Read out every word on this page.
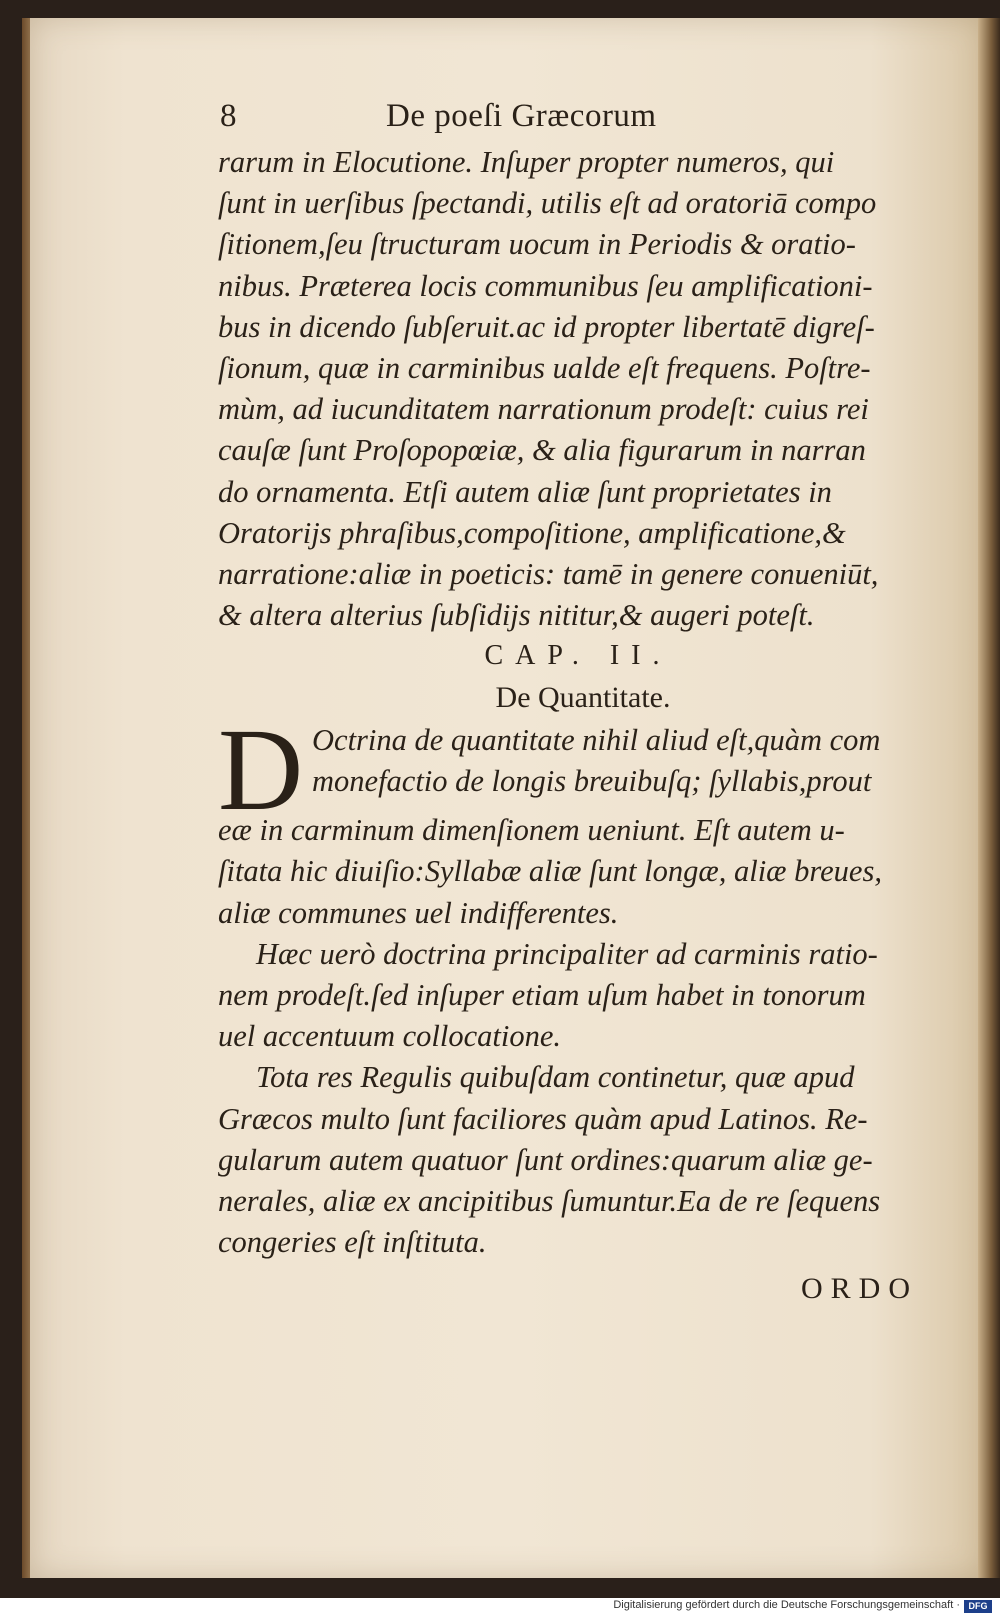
8	De poeſi Græcorum
rarum in Elocutione. Inſuper propter numeros, qui
ſunt in uerſibus ſpectandi, utilis eſt ad oratoriā compo
ſitionem,ſeu ſtructuram uocum in Periodis & oratio-
nibus. Præterea locis communibus ſeu amplificationi-
bus in dicendo ſubſeruit.ac id propter libertatē digreſ-
ſionum, quæ in carminibus ualde eſt frequens. Poſtre-
mùm, ad iucunditatem narrationum prodeſt: cuius rei
cauſæ ſunt Proſopopœiæ, & alia figurarum in narran
do ornamenta. Etſi autem aliæ ſunt proprietates in
Oratorijs phraſibus,compoſitione, amplificatione,&
narratione:aliæ in poeticis: tamē in genere conueniūt,
& altera alterius ſubſidijs nititur,& augeri poteſt.
CAP. II.
De Quantitate.
D Octrina de quantitate nihil aliud eſt,quàm com
monefactio de longis breuibuſq; ſyllabis,prout
eæ in carminum dimenſionem ueniunt. Eſt autem u-
ſitata hic diuiſio:Syllabæ aliæ ſunt longæ, aliæ breues,
aliæ communes uel indifferentes.
Hæc uerò doctrina principaliter ad carminis ratio-
nem prodeſt.ſed inſuper etiam uſum habet in tonorum
uel accentuum collocatione.
Tota res Regulis quibuſdam continetur, quæ apud
Græcos multo ſunt faciliores quàm apud Latinos. Re-
gularum autem quatuor ſunt ordines:quarum aliæ ge-
nerales, aliæ ex ancipitibus ſumuntur.Ea de re ſequens
congeries eſt inſtituta.
ORDO
Digitalisierung gefördert durch die Deutsche Forschungsgemeinschaft · DFG
